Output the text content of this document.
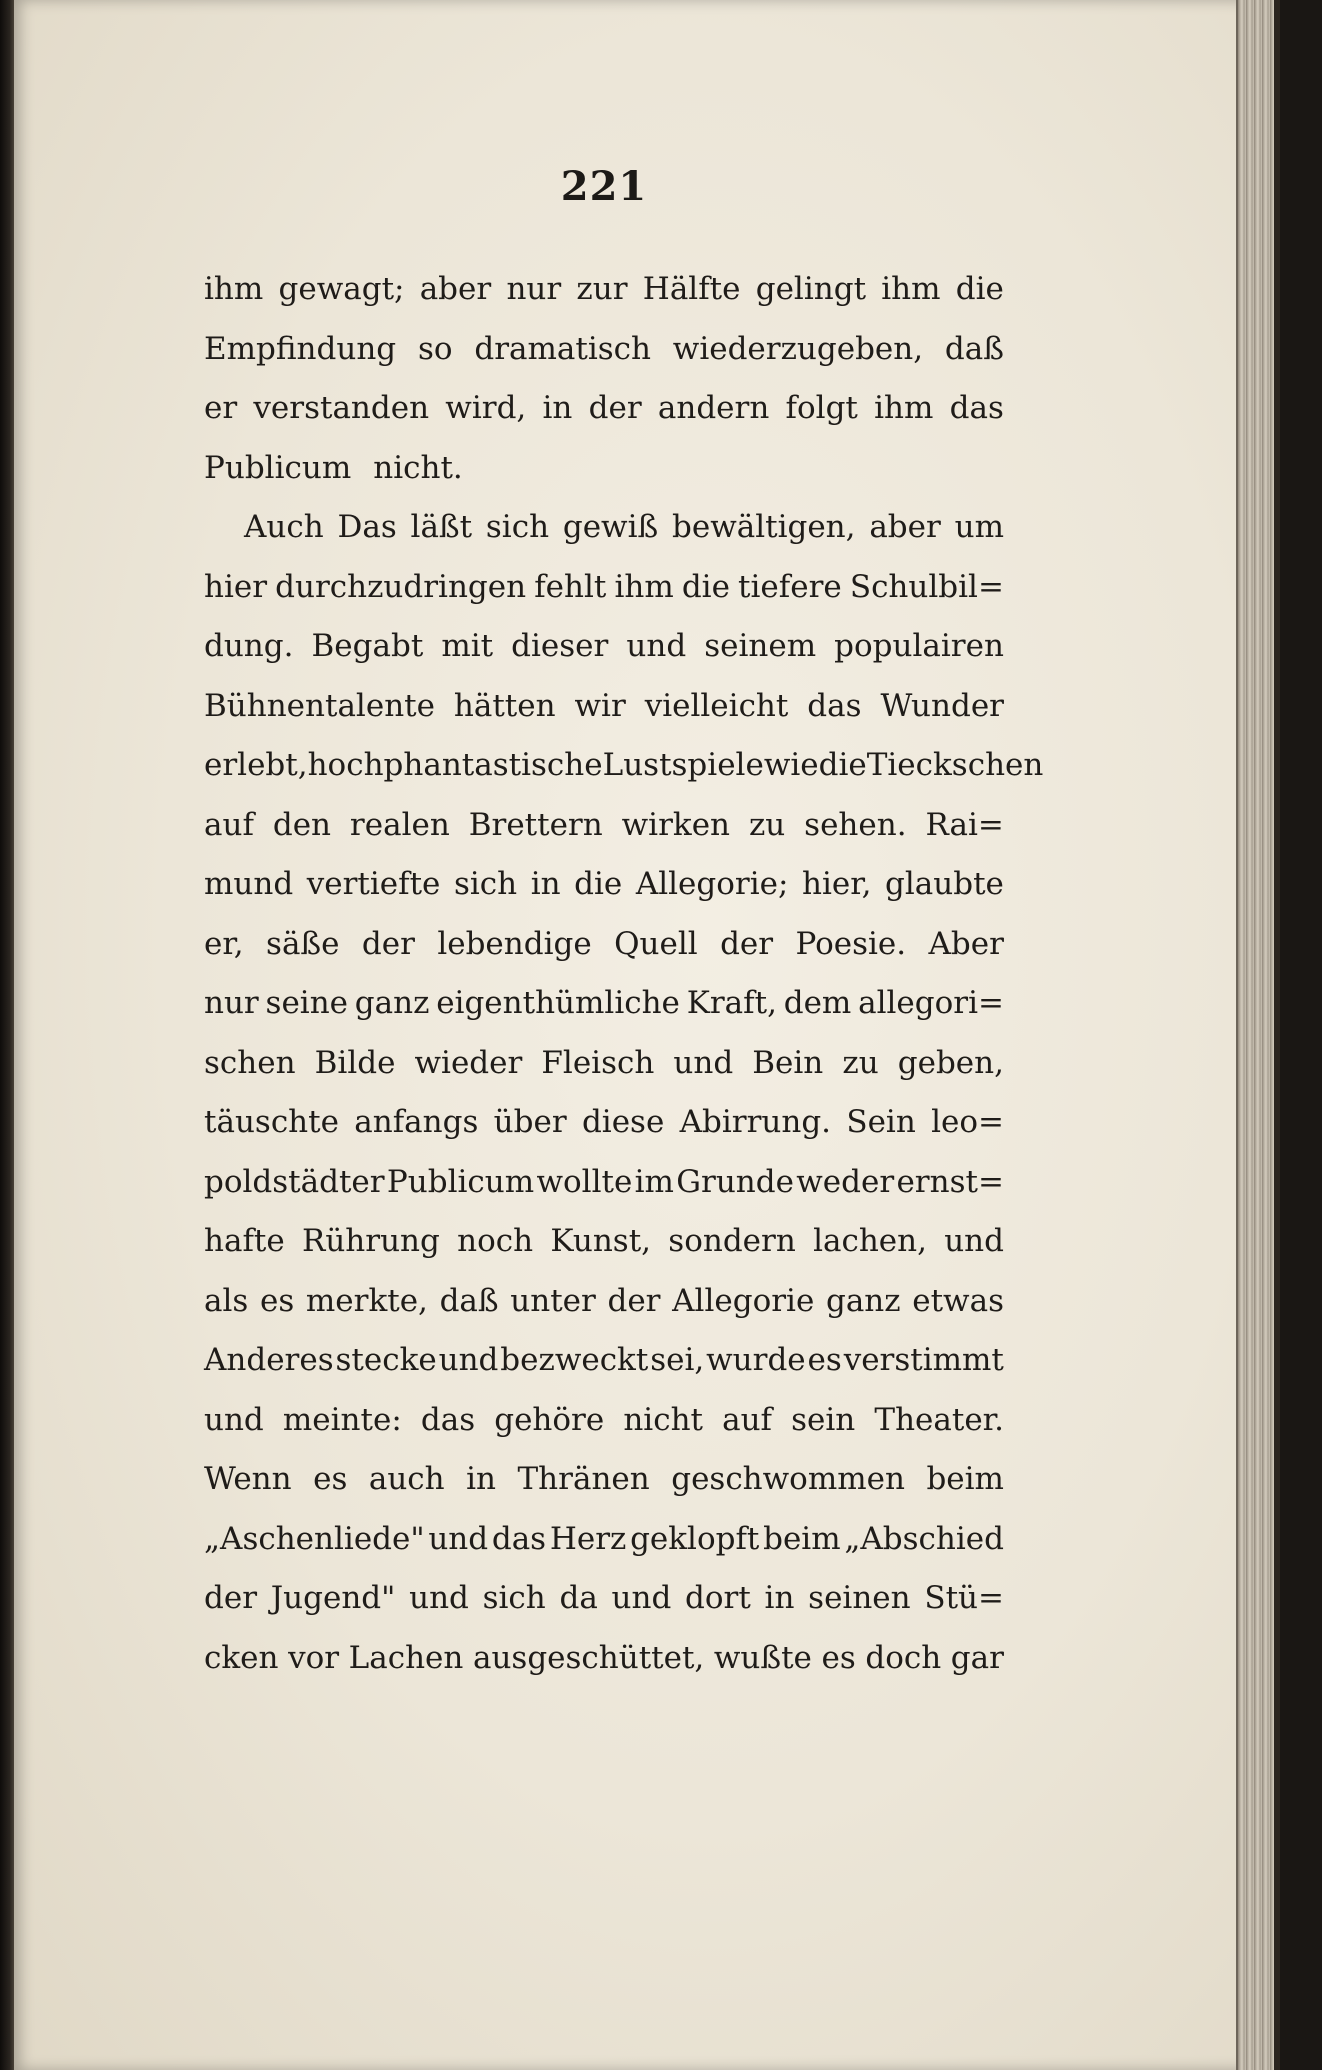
221
ihm gewagt; aber nur zur Hälfte gelingt ihm die
Empfindung so dramatisch wiederzugeben, daß
er verstanden wird, in der andern folgt ihm das
Publicum nicht.
Auch Das läßt sich gewiß bewältigen, aber um
hier durchzudringen fehlt ihm die tiefere Schulbil=
dung. Begabt mit dieser und seinem populairen
Bühnentalente hätten wir vielleicht das Wunder
erlebt, hochphantastische Lustspiele wie die Tieckschen
auf den realen Brettern wirken zu sehen. Rai=
mund vertiefte sich in die Allegorie; hier, glaubte
er, säße der lebendige Quell der Poesie. Aber
nur seine ganz eigenthümliche Kraft, dem allegori=
schen Bilde wieder Fleisch und Bein zu geben,
täuschte anfangs über diese Abirrung. Sein leo=
poldstädter Publicum wollte im Grunde weder ernst=
hafte Rührung noch Kunst, sondern lachen, und
als es merkte, daß unter der Allegorie ganz etwas
Anderes stecke und bezweckt sei, wurde es verstimmt
und meinte: das gehöre nicht auf sein Theater.
Wenn es auch in Thränen geschwommen beim
„Aschenliede" und das Herz geklopft beim „Abschied
der Jugend" und sich da und dort in seinen Stü=
cken vor Lachen ausgeschüttet, wußte es doch gar
